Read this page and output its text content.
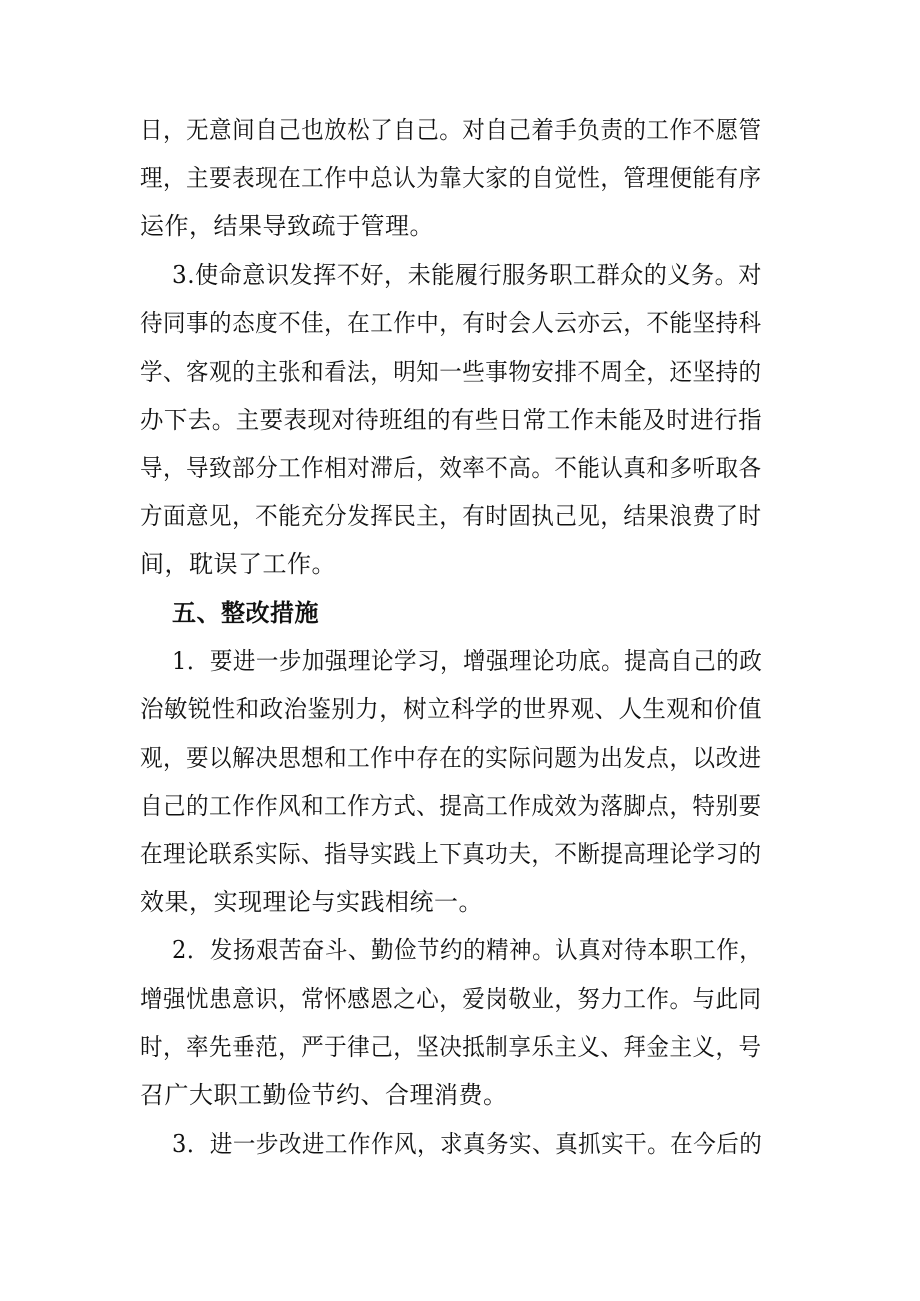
日，无意间自己也放松了自己。对自己着手负责的工作不愿管
理，主要表现在工作中总认为靠大家的自觉性，管理便能有序
运作，结果导致疏于管理。
3.使命意识发挥不好，未能履行服务职工群众的义务。对
待同事的态度不佳，在工作中，有时会人云亦云，不能坚持科
学、客观的主张和看法，明知一些事物安排不周全，还坚持的
办下去。主要表现对待班组的有些日常工作未能及时进行指
导，导致部分工作相对滞后，效率不高。不能认真和多听取各
方面意见，不能充分发挥民主，有时固执己见，结果浪费了时
间，耽误了工作。
五、整改措施
1．要进一步加强理论学习，增强理论功底。提高自己的政
治敏锐性和政治鉴别力，树立科学的世界观、人生观和价值
观，要以解决思想和工作中存在的实际问题为出发点，以改进
自己的工作作风和工作方式、提高工作成效为落脚点，特别要
在理论联系实际、指导实践上下真功夫，不断提高理论学习的
效果，实现理论与实践相统一。
2．发扬艰苦奋斗、勤俭节约的精神。认真对待本职工作，
增强忧患意识，常怀感恩之心，爱岗敬业，努力工作。与此同
时，率先垂范，严于律己，坚决抵制享乐主义、拜金主义，号
召广大职工勤俭节约、合理消费。
3．进一步改进工作作风，求真务实、真抓实干。在今后的
